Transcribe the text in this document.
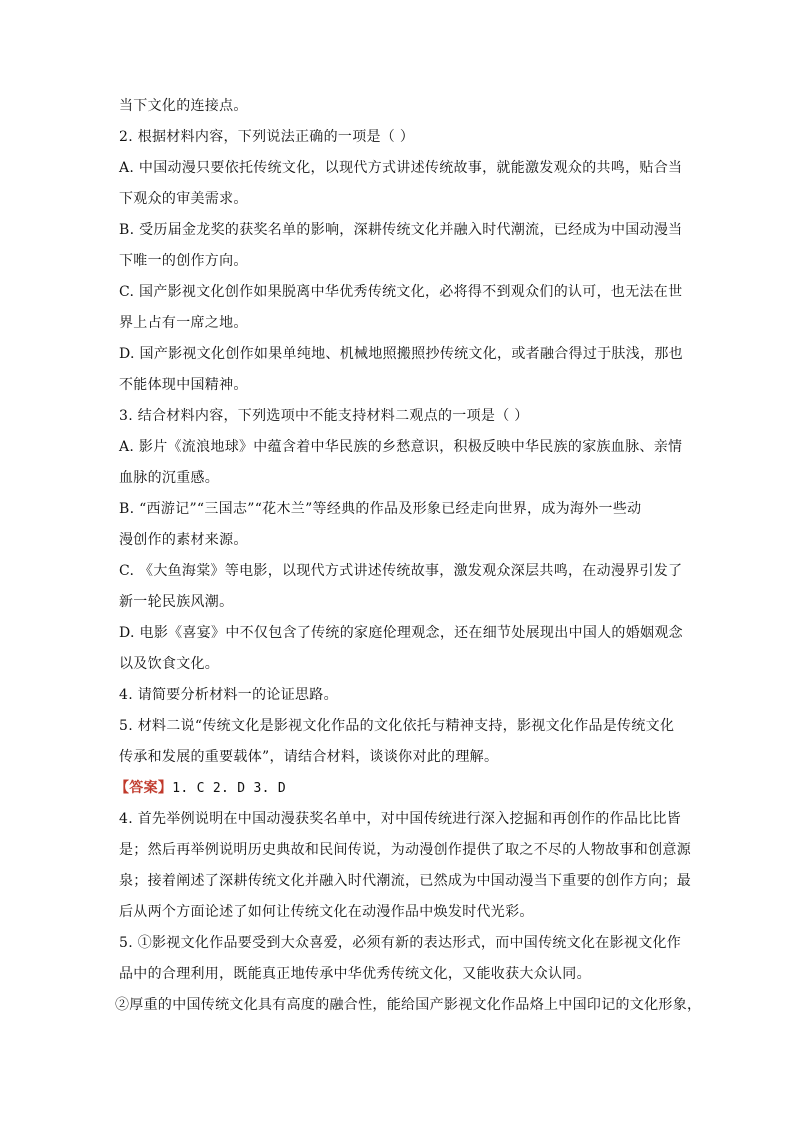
当下文化的连接点。
2. 根据材料内容，下列说法正确的一项是（ ）
A. 中国动漫只要依托传统文化，以现代方式讲述传统故事，就能激发观众的共鸣，贴合当
下观众的审美需求。
B. 受历届金龙奖的获奖名单的影响，深耕传统文化并融入时代潮流，已经成为中国动漫当
下唯一的创作方向。
C. 国产影视文化创作如果脱离中华优秀传统文化，必将得不到观众们的认可，也无法在世
界上占有一席之地。
D. 国产影视文化创作如果单纯地、机械地照搬照抄传统文化，或者融合得过于肤浅，那也
不能体现中国精神。
3. 结合材料内容，下列选项中不能支持材料二观点的一项是（ ）
A. 影片《流浪地球》中蕴含着中华民族的乡愁意识，积极反映中华民族的家族血脉、亲情
血脉的沉重感。
B. “西游记”“三国志”“花木兰”等经典的作品及形象已经走向世界，成为海外一些动
漫创作的素材来源。
C. 《大鱼海棠》等电影，以现代方式讲述传统故事，激发观众深层共鸣，在动漫界引发了
新一轮民族风潮。
D. 电影《喜宴》中不仅包含了传统的家庭伦理观念，还在细节处展现出中国人的婚姻观念
以及饮食文化。
4. 请简要分析材料一的论证思路。
5. 材料二说“传统文化是影视文化作品的文化依托与精神支持，影视文化作品是传统文化
传承和发展的重要载体”，请结合材料，谈谈你对此的理解。
【答案】1. C 2. D 3. D
4. 首先举例说明在中国动漫获奖名单中，对中国传统进行深入挖掘和再创作的作品比比皆
是；然后再举例说明历史典故和民间传说，为动漫创作提供了取之不尽的人物故事和创意源
泉；接着阐述了深耕传统文化并融入时代潮流，已然成为中国动漫当下重要的创作方向；最
后从两个方面论述了如何让传统文化在动漫作品中焕发时代光彩。
5. ①影视文化作品要受到大众喜爱，必须有新的表达形式，而中国传统文化在影视文化作
品中的合理利用，既能真正地传承中华优秀传统文化，又能收获大众认同。
②厚重的中国传统文化具有高度的融合性，能给国产影视文化作品烙上中国印记的文化形象，
